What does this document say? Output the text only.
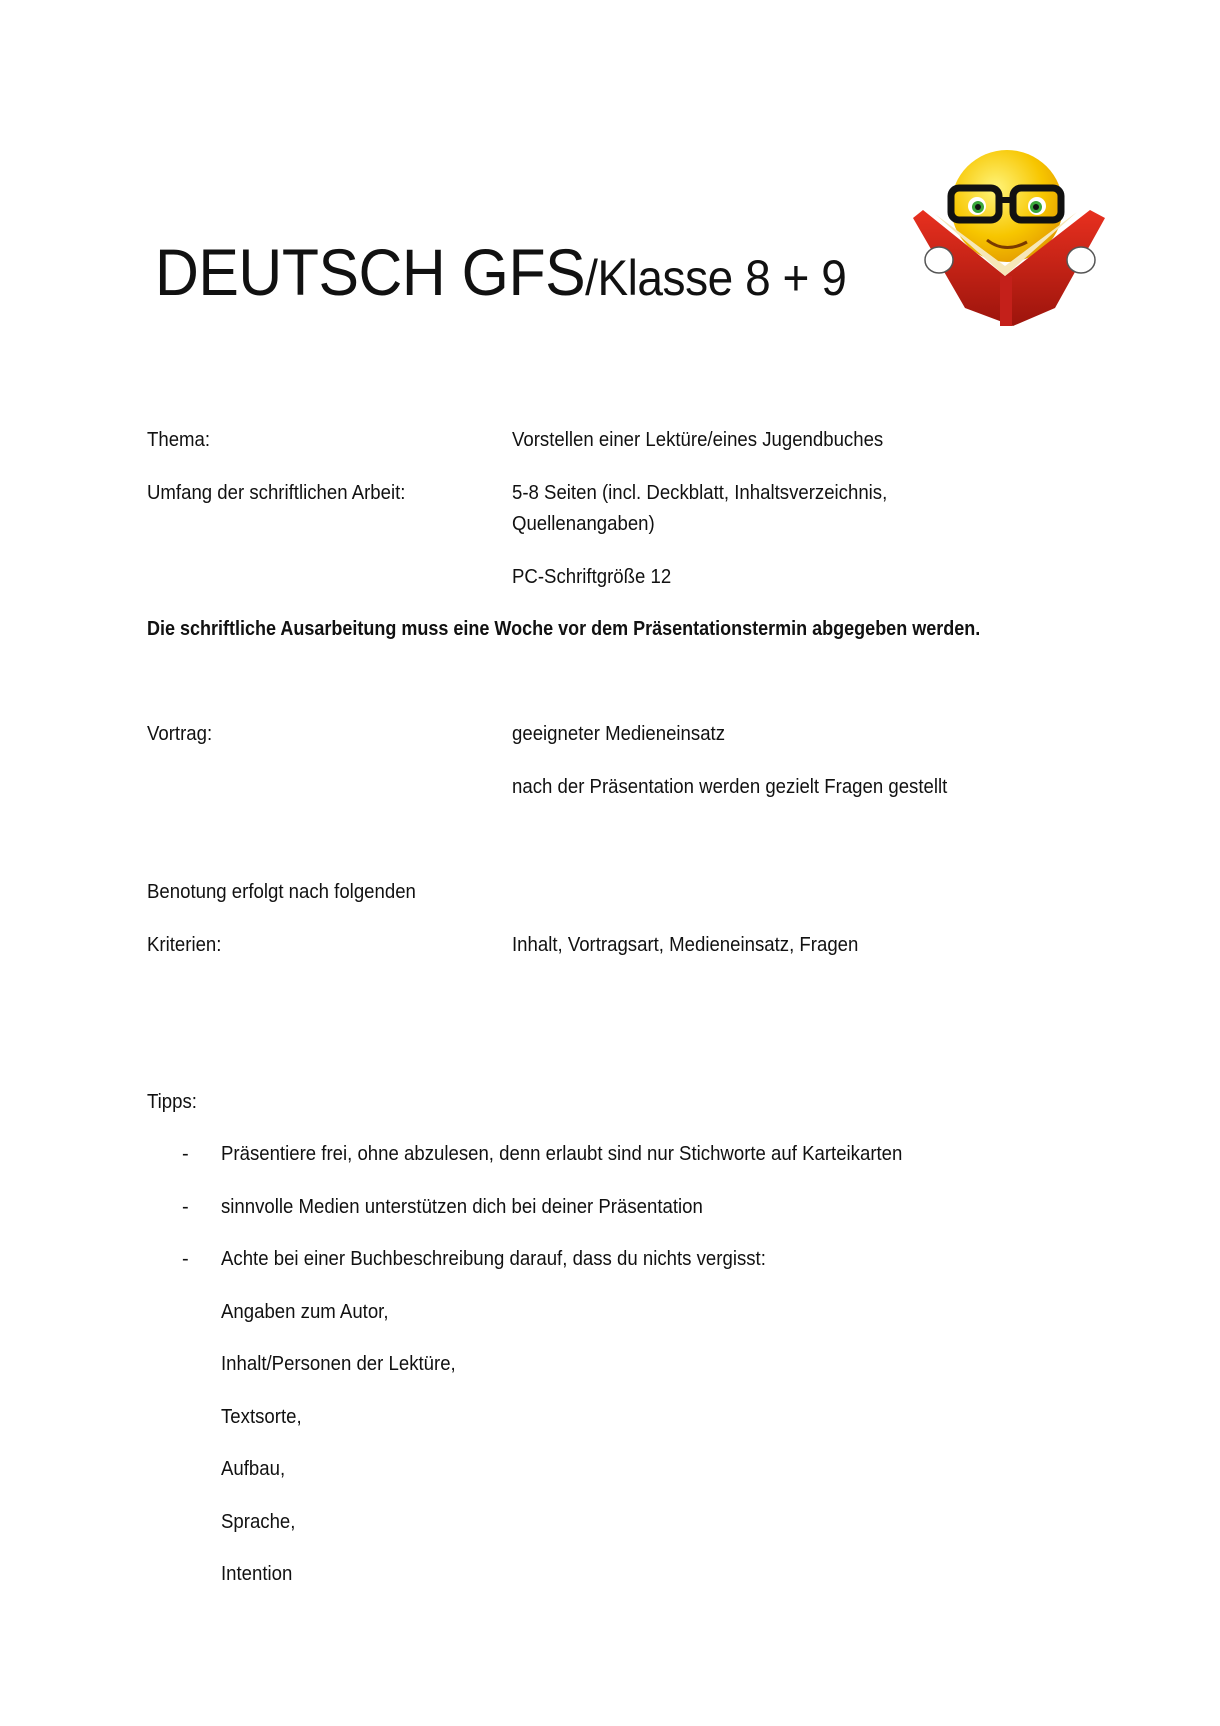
DEUTSCH GFS/Klasse 8 + 9
Thema:	Vorstellen einer Lektüre/eines Jugendbuches
Umfang der schriftlichen Arbeit:	5-8 Seiten (incl. Deckblatt, Inhaltsverzeichnis,
Quellenangaben)
PC-Schriftgröße 12
Die schriftliche Ausarbeitung muss eine Woche vor dem Präsentationstermin abgegeben werden.
Vortrag:	geeigneter Medieneinsatz
nach der Präsentation werden gezielt Fragen gestellt
Benotung erfolgt nach folgenden
Kriterien:	Inhalt, Vortragsart, Medieneinsatz, Fragen
Tipps:
- Präsentiere frei, ohne abzulesen, denn erlaubt sind nur Stichworte auf Karteikarten
- sinnvolle Medien unterstützen dich bei deiner Präsentation
- Achte bei einer Buchbeschreibung darauf, dass du nichts vergisst:
Angaben zum Autor,
Inhalt/Personen der Lektüre,
Textsorte,
Aufbau,
Sprache,
Intention
